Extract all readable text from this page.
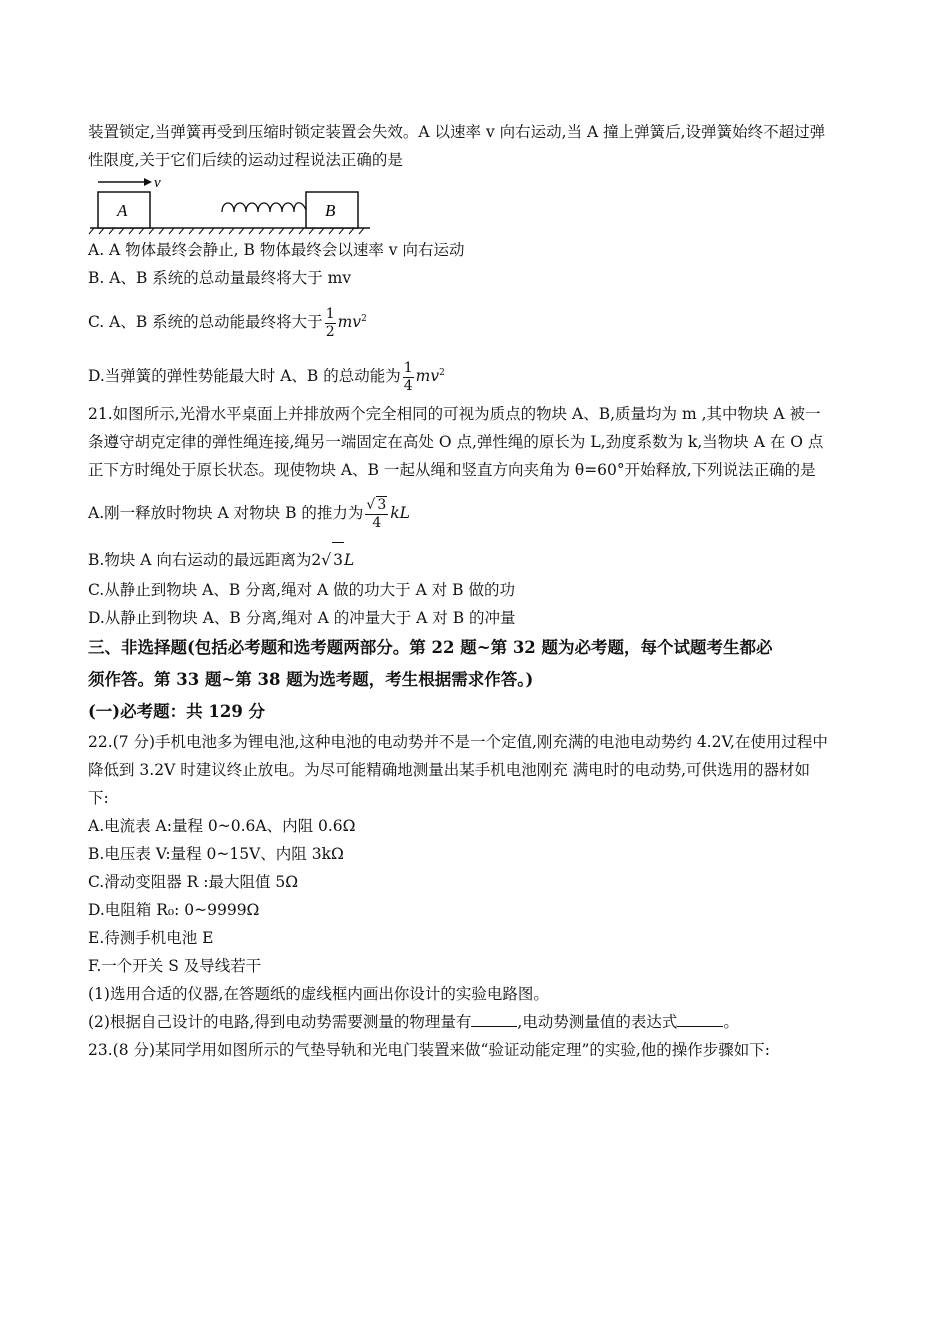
装置锁定,当弹簧再受到压缩时锁定装置会失效。A 以速率 v 向右运动,当 A 撞上弹簧后,设弹簧始终不超过弹
性限度,关于它们后续的运动过程说法正确的是
v
A	B
A. A 物体最终会静止, B 物体最终会以速率 v 向右运动
B. A、B 系统的总动量最终将大于 mv
C. A、B 系统的总动能最终将大于 $\frac{1}{2} mv^2$
D.当弹簧的弹性势能最大时 A、B 的总动能为 $\frac{1}{4} mv^2$
21.如图所示,光滑水平桌面上并排放两个完全相同的可视为质点的物块 A、B,质量均为 m ,其中物块 A 被一
条遵守胡克定律的弹性绳连接,绳另一端固定在高处 O 点,弹性绳的原长为 L,劲度系数为 k,当物块 A 在 O 点
正下方时绳处于原长状态。现使物块 A、B 一起从绳和竖直方向夹角为 θ=60°开始释放,下列说法正确的是
A.刚一释放时物块 A 对物块 B 的推力为 $\frac{√ 3}{4}$ kL
B.物块 A 向右运动的最远距离为2√ 3L
C.从静止到物块 A、B 分离,绳对 A 做的功大于 A 对 B 做的功
D.从静止到物块 A、B 分离,绳对 A 的冲量大于 A 对 B 的冲量
三、非选择题(包括必考题和选考题两部分。第 22 题~第 32 题为必考题，每个试题考生都必
须作答。第 33 题~第 38 题为选考题，考生根据需求作答。)
(一)必考题：共 129 分
22.(7 分)手机电池多为锂电池,这种电池的电动势并不是一个定值,刚充满的电池电动势约 4.2V,在使用过程中
降低到 3.2V 时建议终止放电。为尽可能精确地测量出某手机电池刚充 满电时的电动势,可供选用的器材如
下:
A.电流表 A:量程 0~0.6A、内阻 0.6Ω
B.电压表 V:量程 0~15V、内阻 3kΩ
C.滑动变阻器 R :最大阻值 5Ω
D.电阻箱 R₀: 0~9999Ω
E.待测手机电池 E
F.一个开关 S 及导线若干
(1)选用合适的仪器,在答题纸的虚线框内画出你设计的实验电路图。
(2)根据自己设计的电路,得到电动势需要测量的物理量有	,电动势测量值的表达式	。
23.(8 分)某同学用如图所示的气垫导轨和光电门装置来做“验证动能定理”的实验,他的操作步骤如下:
